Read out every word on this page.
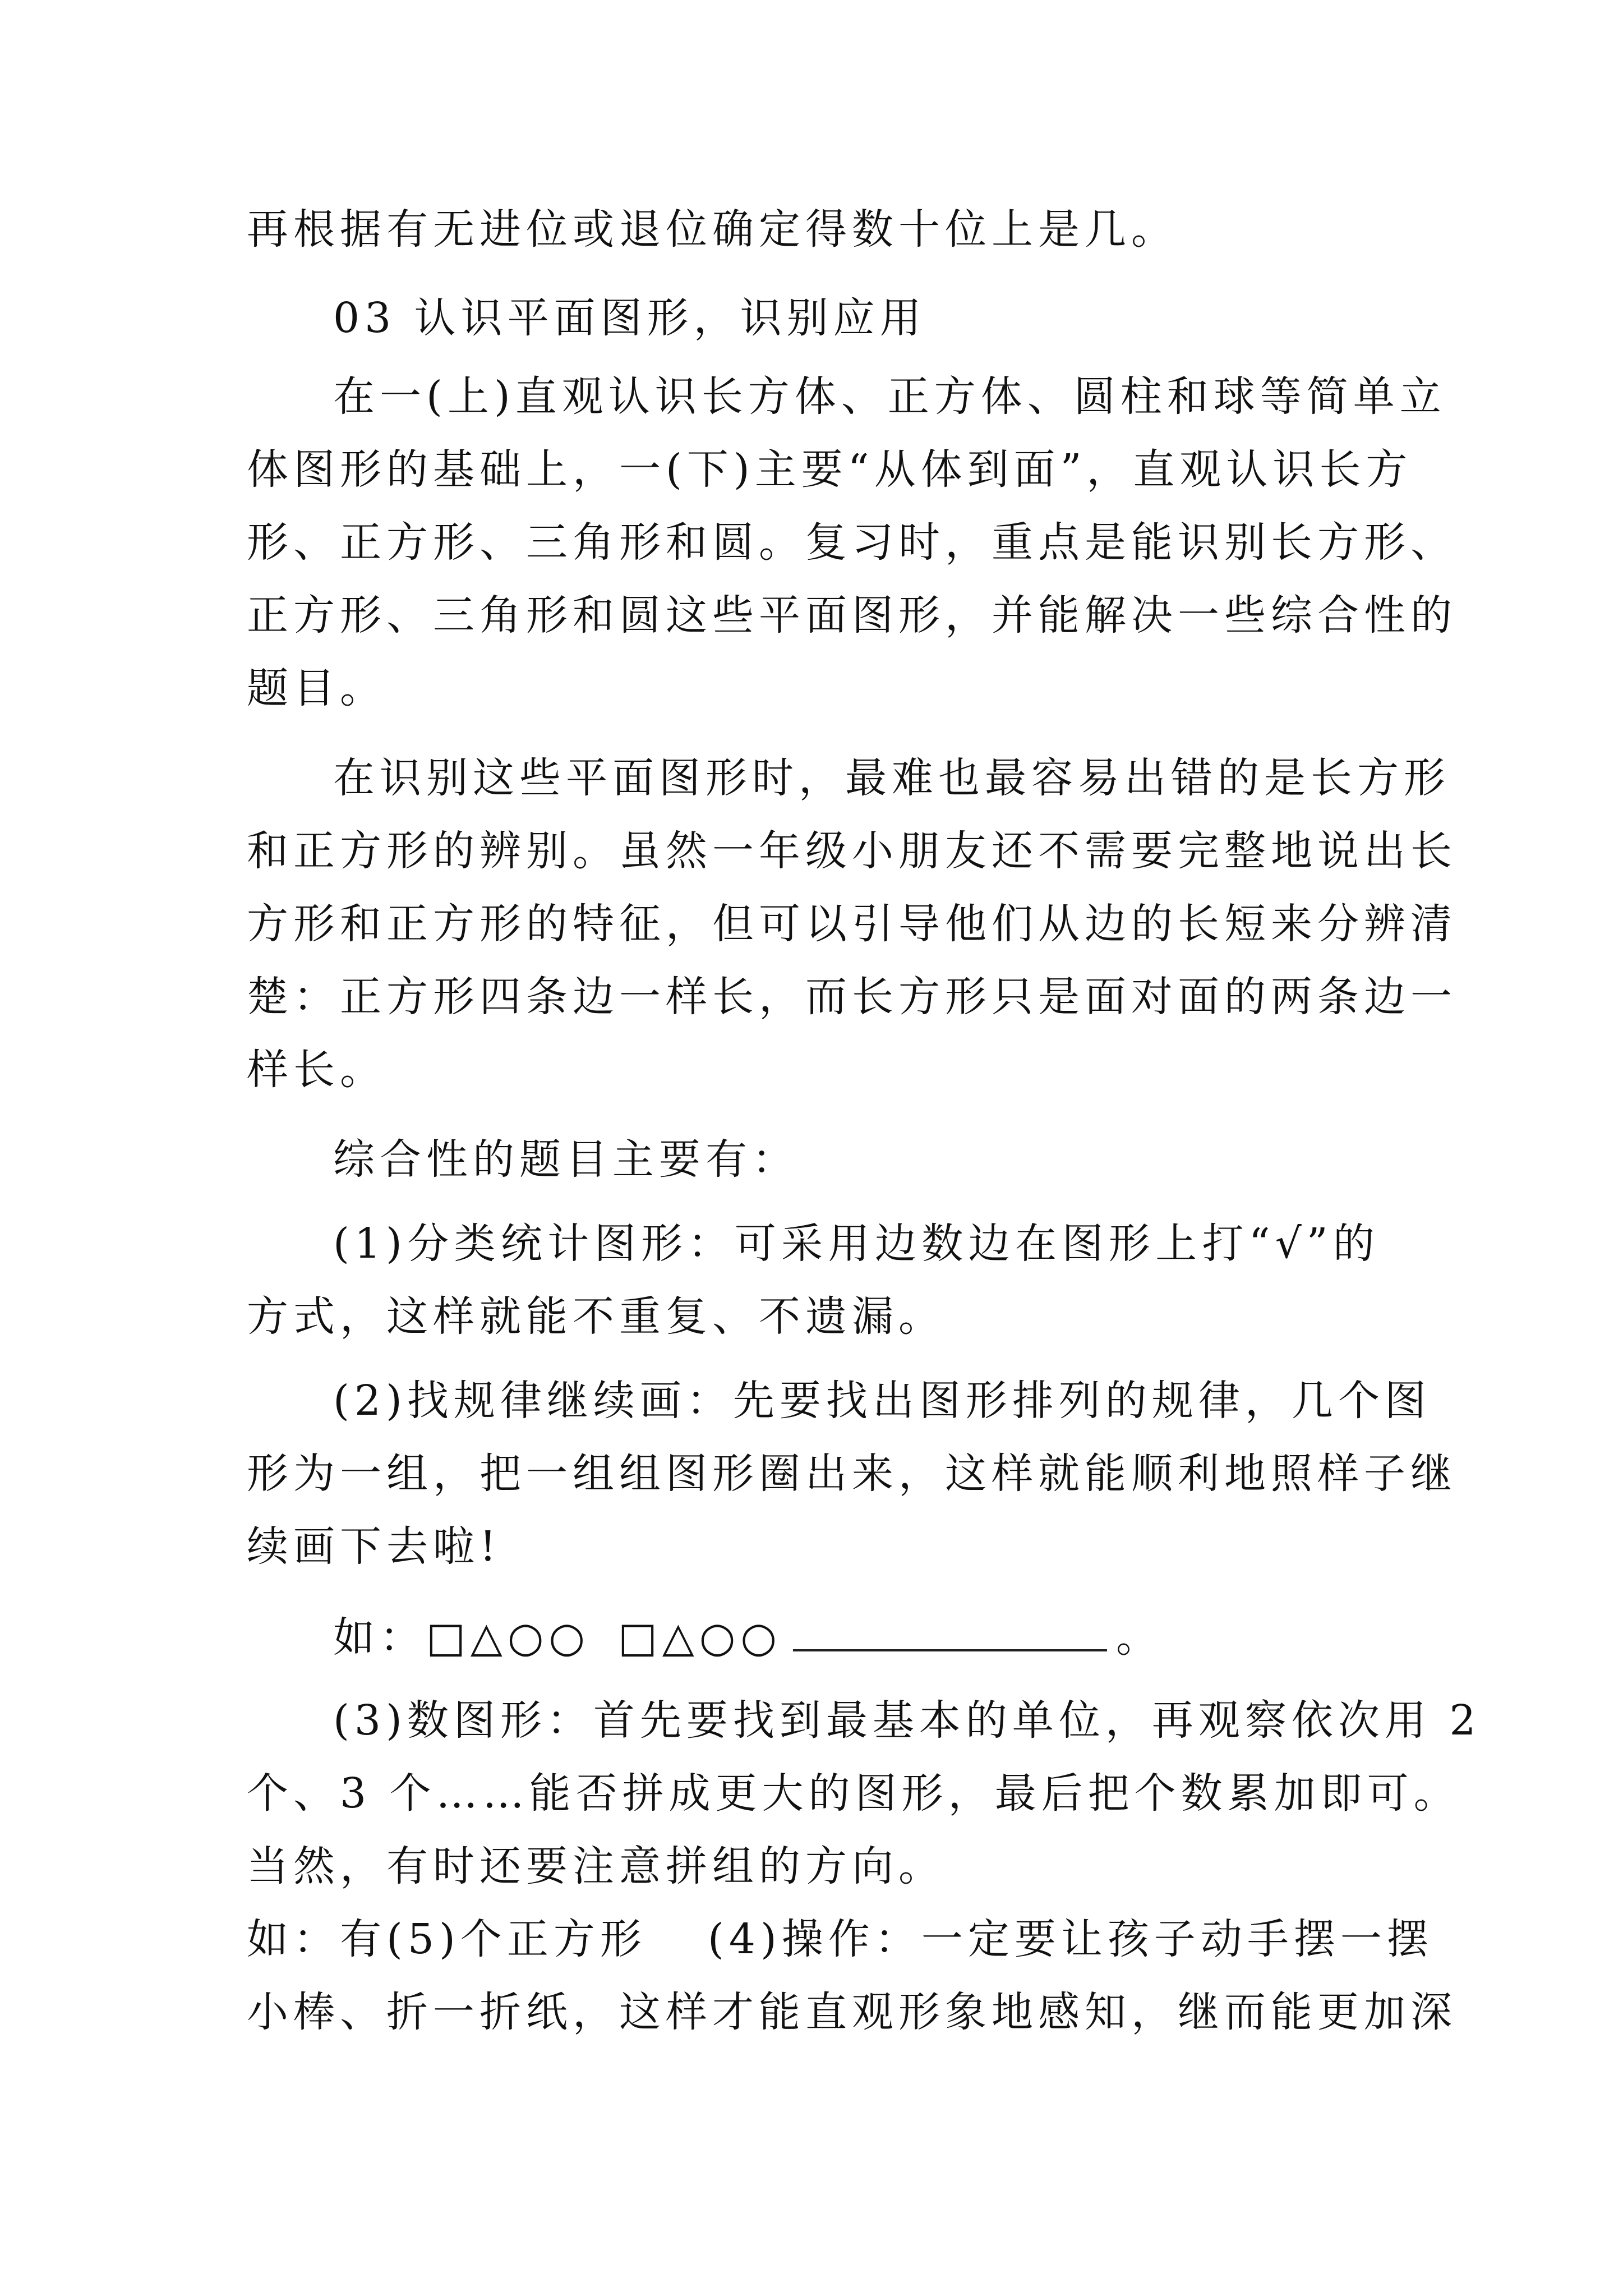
再根据有无进位或退位确定得数十位上是几。
03 认识平面图形，识别应用
在一(上)直观认识长方体、正方体、圆柱和球等简单立
体图形的基础上，一(下)主要“从体到面”，直观认识长方
形、正方形、三角形和圆。复习时，重点是能识别长方形、
正方形、三角形和圆这些平面图形，并能解决一些综合性的
题目。
在识别这些平面图形时，最难也最容易出错的是长方形
和正方形的辨别。虽然一年级小朋友还不需要完整地说出长
方形和正方形的特征，但可以引导他们从边的长短来分辨清
楚：正方形四条边一样长，而长方形只是面对面的两条边一
样长。
综合性的题目主要有：
(1)分类统计图形：可采用边数边在图形上打“√”的
方式，这样就能不重复、不遗漏。
(2)找规律继续画：先要找出图形排列的规律，几个图
形为一组，把一组组图形圈出来，这样就能顺利地照样子继
续画下去啦!
如：□△○○ □△○○	。
(3)数图形：首先要找到最基本的单位，再观察依次用 2
个、3 个……能否拼成更大的图形，最后把个数累加即可。
当然，有时还要注意拼组的方向。
如：有(5)个正方形 (4)操作：一定要让孩子动手摆一摆
小棒、折一折纸，这样才能直观形象地感知，继而能更加深
